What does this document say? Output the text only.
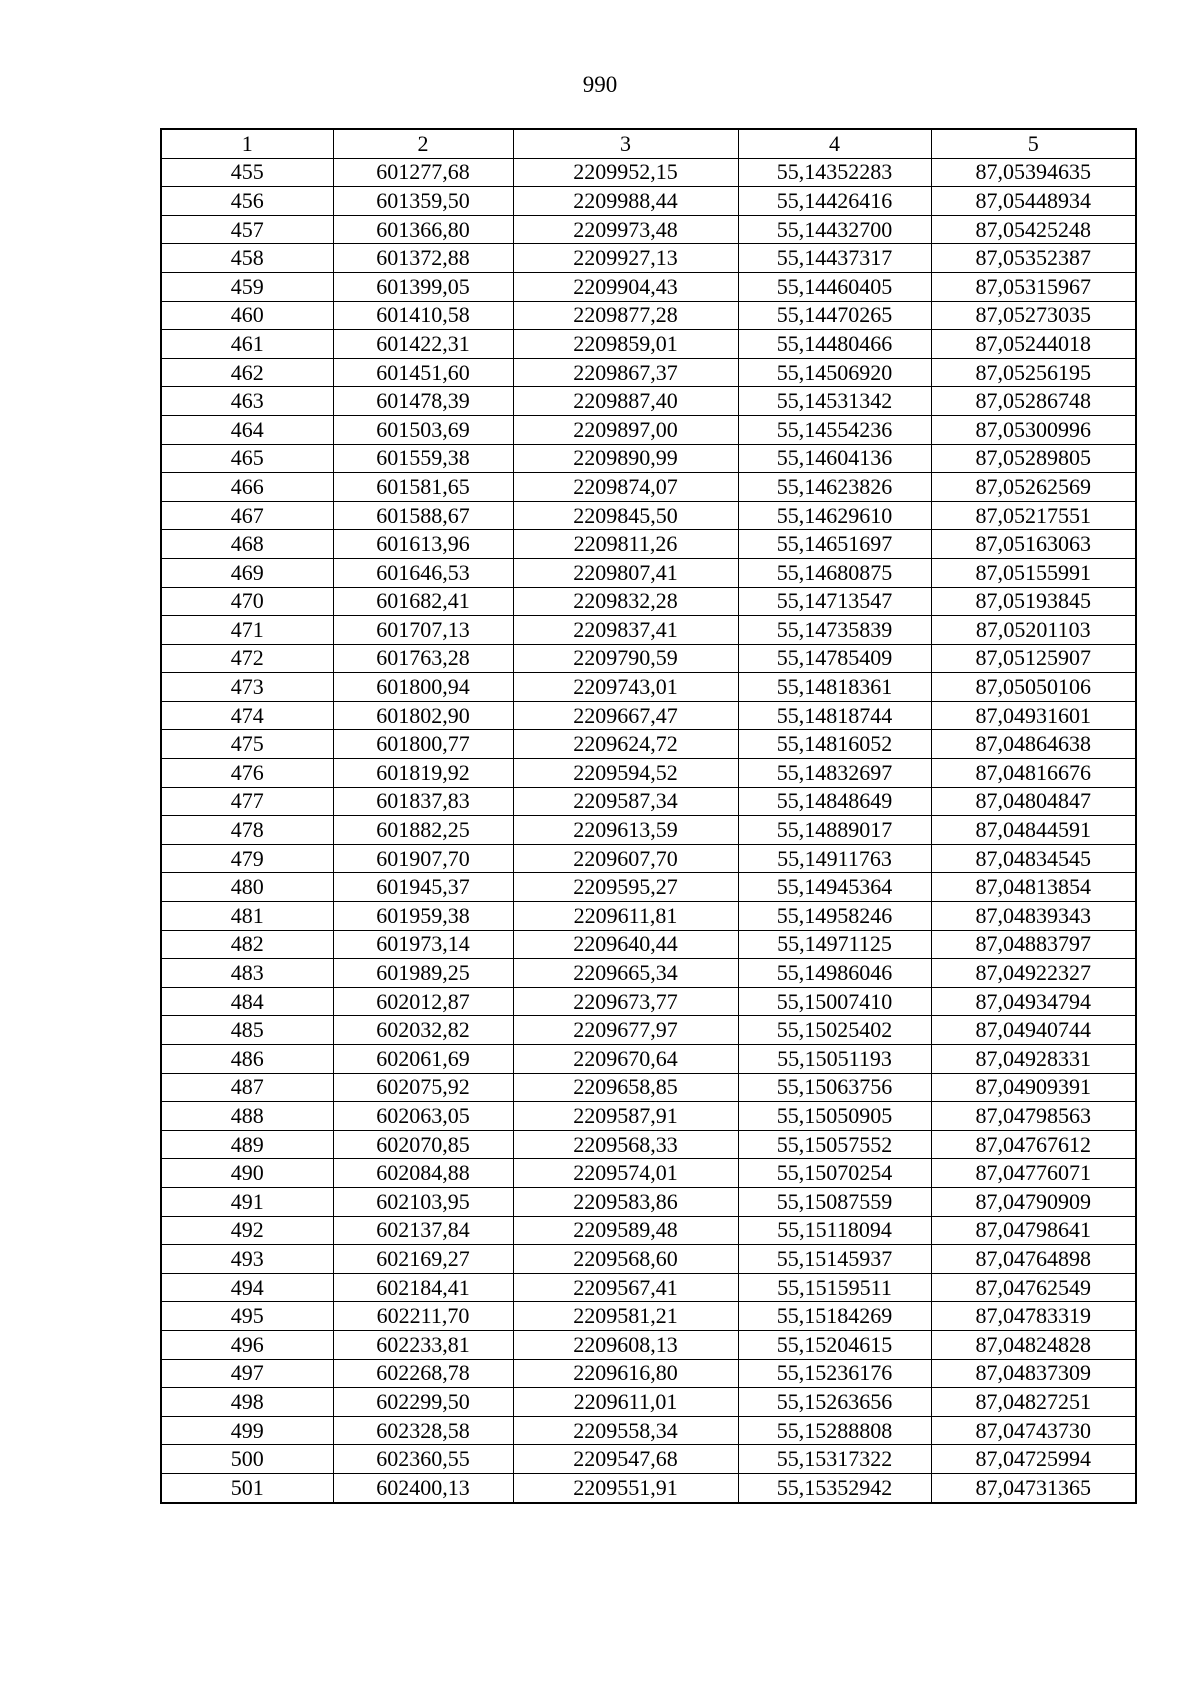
990
1	2	3	4	5
455	601277,68	2209952,15	55,14352283	87,05394635
456	601359,50	2209988,44	55,14426416	87,05448934
457	601366,80	2209973,48	55,14432700	87,05425248
458	601372,88	2209927,13	55,14437317	87,05352387
459	601399,05	2209904,43	55,14460405	87,05315967
460	601410,58	2209877,28	55,14470265	87,05273035
461	601422,31	2209859,01	55,14480466	87,05244018
462	601451,60	2209867,37	55,14506920	87,05256195
463	601478,39	2209887,40	55,14531342	87,05286748
464	601503,69	2209897,00	55,14554236	87,05300996
465	601559,38	2209890,99	55,14604136	87,05289805
466	601581,65	2209874,07	55,14623826	87,05262569
467	601588,67	2209845,50	55,14629610	87,05217551
468	601613,96	2209811,26	55,14651697	87,05163063
469	601646,53	2209807,41	55,14680875	87,05155991
470	601682,41	2209832,28	55,14713547	87,05193845
471	601707,13	2209837,41	55,14735839	87,05201103
472	601763,28	2209790,59	55,14785409	87,05125907
473	601800,94	2209743,01	55,14818361	87,05050106
474	601802,90	2209667,47	55,14818744	87,04931601
475	601800,77	2209624,72	55,14816052	87,04864638
476	601819,92	2209594,52	55,14832697	87,04816676
477	601837,83	2209587,34	55,14848649	87,04804847
478	601882,25	2209613,59	55,14889017	87,04844591
479	601907,70	2209607,70	55,14911763	87,04834545
480	601945,37	2209595,27	55,14945364	87,04813854
481	601959,38	2209611,81	55,14958246	87,04839343
482	601973,14	2209640,44	55,14971125	87,04883797
483	601989,25	2209665,34	55,14986046	87,04922327
484	602012,87	2209673,77	55,15007410	87,04934794
485	602032,82	2209677,97	55,15025402	87,04940744
486	602061,69	2209670,64	55,15051193	87,04928331
487	602075,92	2209658,85	55,15063756	87,04909391
488	602063,05	2209587,91	55,15050905	87,04798563
489	602070,85	2209568,33	55,15057552	87,04767612
490	602084,88	2209574,01	55,15070254	87,04776071
491	602103,95	2209583,86	55,15087559	87,04790909
492	602137,84	2209589,48	55,15118094	87,04798641
493	602169,27	2209568,60	55,15145937	87,04764898
494	602184,41	2209567,41	55,15159511	87,04762549
495	602211,70	2209581,21	55,15184269	87,04783319
496	602233,81	2209608,13	55,15204615	87,04824828
497	602268,78	2209616,80	55,15236176	87,04837309
498	602299,50	2209611,01	55,15263656	87,04827251
499	602328,58	2209558,34	55,15288808	87,04743730
500	602360,55	2209547,68	55,15317322	87,04725994
501	602400,13	2209551,91	55,15352942	87,04731365
